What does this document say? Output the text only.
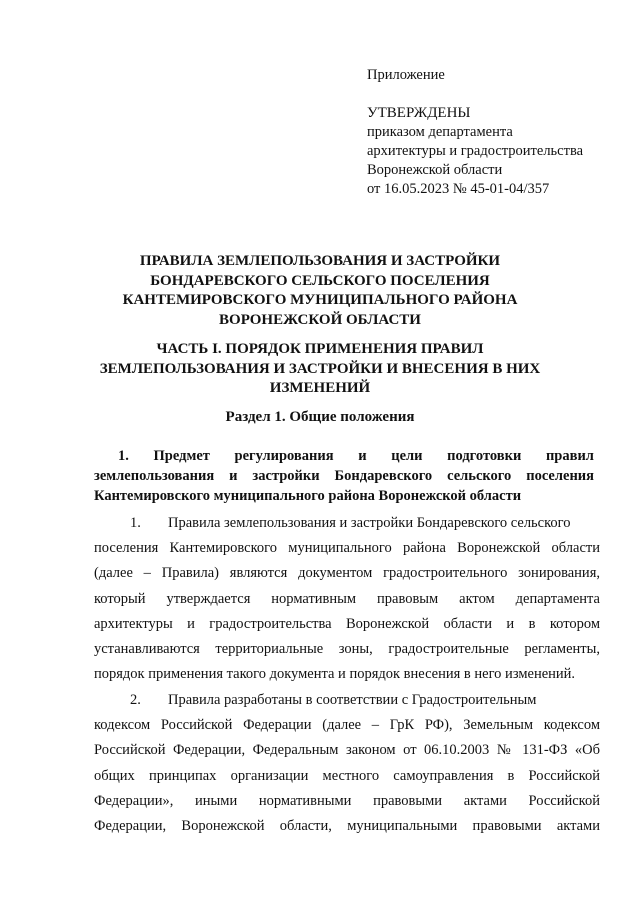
Приложение

УТВЕРЖДЕНЫ

приказом департамента

архитектуры и градостроительства

Воронежской области

от 16.05.2023 № 45-01-04/357

ПРАВИЛА ЗЕМЛЕПОЛЬЗОВАНИЯ И ЗАСТРОЙКИ
БОНДАРЕВСКОГО СЕЛЬСКОГО ПОСЕЛЕНИЯ
КАНТЕМИРОВСКОГО МУНИЦИПАЛЬНОГО РАЙОНА
ВОРОНЕЖСКОЙ ОБЛАСТИ
ЧАСТЬ I. ПОРЯДОК ПРИМЕНЕНИЯ ПРАВИЛ
ЗЕМЛЕПОЛЬЗОВАНИЯ И ЗАСТРОЙКИ И ВНЕСЕНИЯ В НИХ
ИЗМЕНЕНИЙ
Раздел 1. Общие положения
1. Предмет регулирования и цели подготовки правил
землепользования и застройки Бондаревского сельского поселения
Кантемировского муниципального района Воронежской области
1. Правила землепользования и застройки Бондаревского сельского
поселения Кантемировского муниципального района Воронежской области
(далее – Правила) являются документом градостроительного зонирования,
который утверждается нормативным правовым актом департамента
архитектуры и градостроительства Воронежской области и в котором
устанавливаются территориальные зоны, градостроительные регламенты,
порядок применения такого документа и порядок внесения в него изменений.
2. Правила разработаны в соответствии с Градостроительным
кодексом Российской Федерации (далее – ГрК РФ), Земельным кодексом
Российской Федерации, Федеральным законом от 06.10.2003 № 131-ФЗ «Об
общих принципах организации местного самоуправления в Российской
Федерации», иными нормативными правовыми актами Российской
Федерации, Воронежской области, муниципальными правовыми актами
